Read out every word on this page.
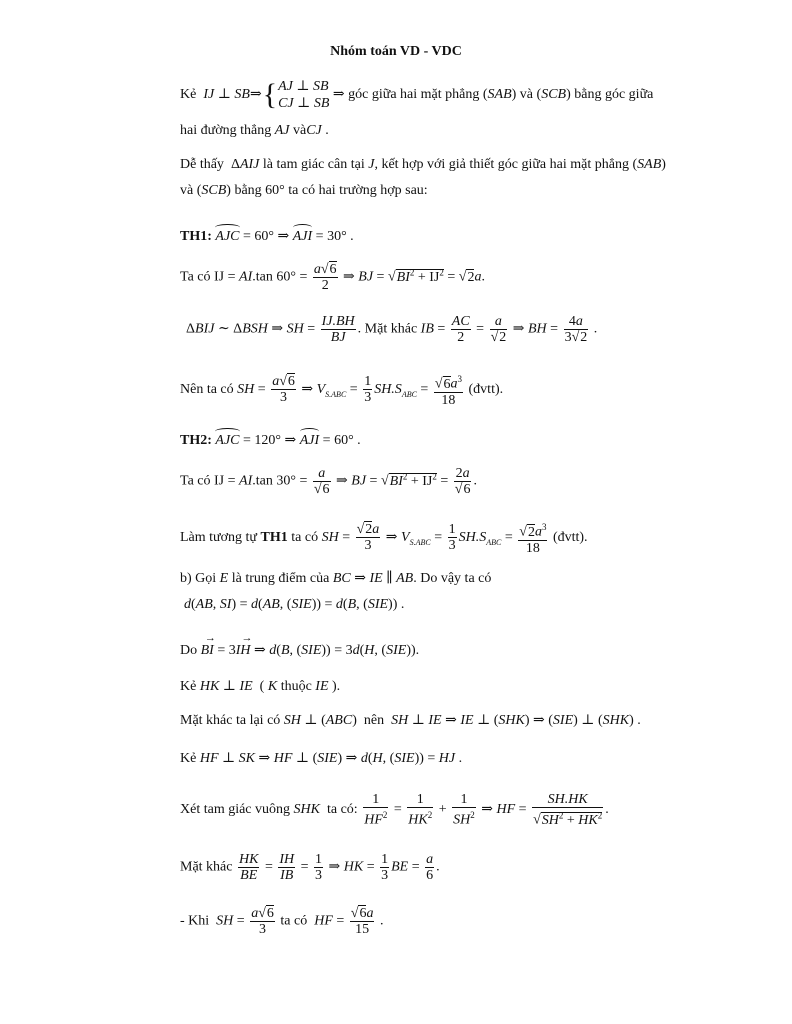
Nhóm toán VD - VDC
Kẻ IJ ⊥ SB⇒{AJ ⊥ SB
CJ ⊥ SB ⇒ góc giữa hai mặt phẳng (SAB) và (SCB) bằng góc giữa
hai đường thẳng AJ vàCJ .
Dễ thấy  ΔAIJ là tam giác cân tại J, kết hợp với giả thiết góc giữa hai mặt phẳng (SAB)
và (SCB) bằng 60° ta có hai trường hợp sau:
TH1: AJC = 60° ⇒ AJI = 30° .
Ta có IJ = AI.tan $60^\circ = \frac{a√6}{2}$ ⇒ BJ = $√BI^2 + IJ^2 = √2a$.
ΔBIJ ∼ ΔBSH ⇒ SH = $\frac{IJ.BH}{BJ}$ . Mặt khác IB = $\frac{AC}{2} = \frac{a}{√2}$ ⇒ BH = $\frac{4a}{3√2}$ .
Nên ta có SH = $\frac{a√6}{3}$ ⇒ $V_{S.ABC} = \frac{1}{3} SH.S_{ABC} = \frac{√6a^3}{18}$ (đvtt).
TH2: AJC = 120° ⇒ AJI = 60° .
Ta có IJ = AI.tan $30^\circ = \frac{a}{√6}$ ⇒ BJ = $√BI^2 + IJ^2 = \frac{2a}{√6}$ .
Làm tương tự TH1 ta có SH = $\frac{√2a}{3}$ ⇒ $V_{S.ABC} = \frac{1}{3} SH.S_{ABC} = \frac{√2a^3}{18}$ (đvtt).
b) Gọi E là trung điểm của BC ⇒ IE ∥ AB. Do vậy ta có
d(AB, SI) = d(AB, (SIE)) = d(B, (SIE)) .
Do → BI = 3→ IH ⇒ d(B, (SIE)) = 3d(H, (SIE)).
Kẻ HK ⊥ IE  ( K thuộc IE ).
Mặt khác ta lại có SH ⊥ (ABC)  nên SH ⊥ IE ⇒ IE ⊥ (SHK) ⇒ (SIE) ⊥ (SHK) .
Kẻ HF ⊥ SK ⇒ HF ⊥ (SIE) ⇒ d(H, (SIE)) = HJ .
Xét tam giác vuông SHK ta có: $\frac{1}{HF^2} = \frac{1}{HK^2} + \frac{1}{SH^2}$ ⇒ HF = $\frac{SH.HK}{√SH^2 + HK^2}$ .
Mặt khác $\frac{HK}{BE} = \frac{IH}{IB} = \frac{1}{3}$ ⇒ HK = $\frac{1}{3}$ BE = $\frac{a}{6}$ .
- Khi SH = $\frac{a√6}{3}$ ta có HF = $\frac{√6a}{15}$ .
